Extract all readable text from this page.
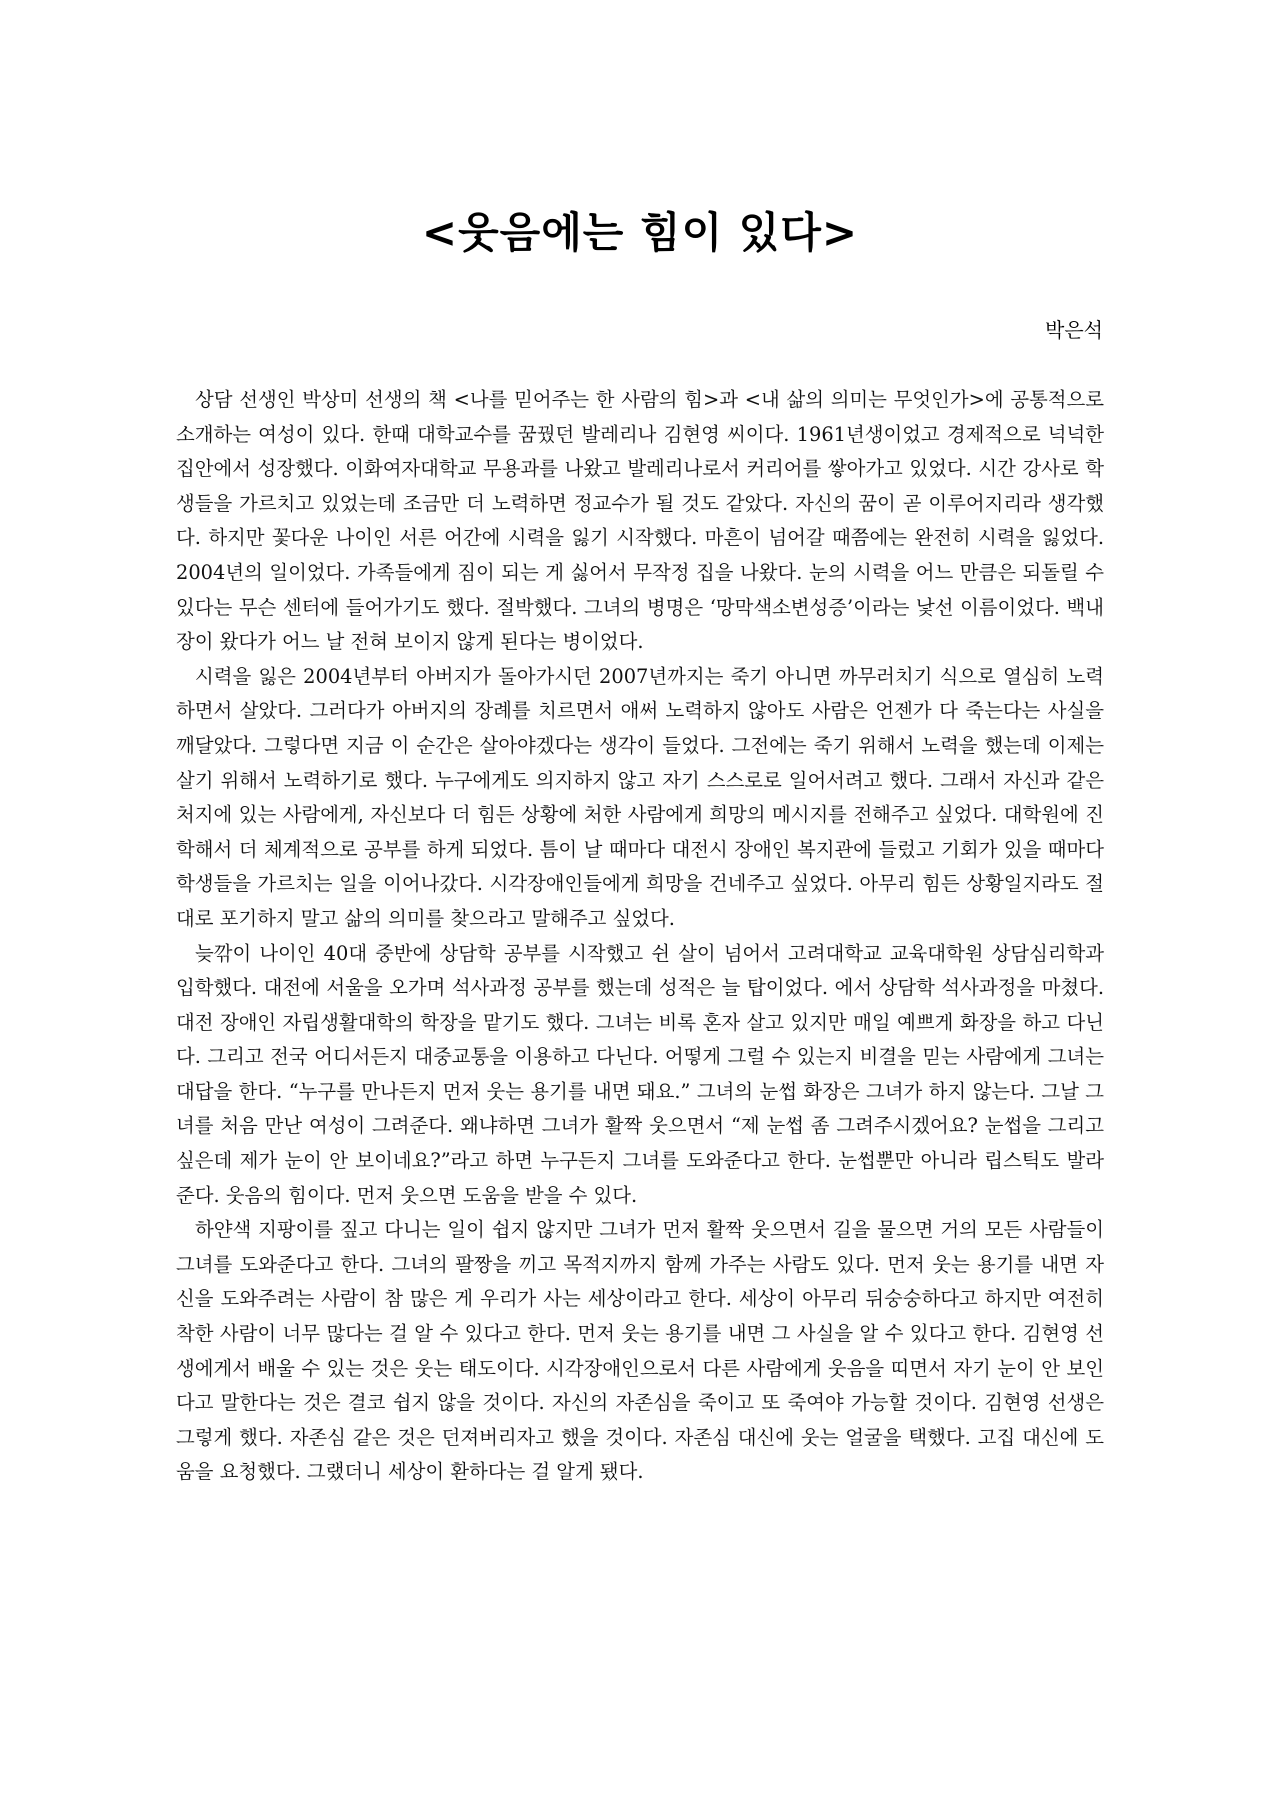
<웃음에는 힘이 있다>

박은석

상담 선생인 박상미 선생의 책 <나를 믿어주는 한 사람의 힘>과 <내 삶의 의미는 무엇인가>에 공통적으로 소개하는 여성이 있다. 한때 대학교수를 꿈꿨던 발레리나 김현영 씨이다. 1961년생이었고 경제적으로 넉넉한 집안에서 성장했다. 이화여자대학교 무용과를 나왔고 발레리나로서 커리어를 쌓아가고 있었다. 시간 강사로 학생들을 가르치고 있었는데 조금만 더 노력하면 정교수가 될 것도 같았다. 자신의 꿈이 곧 이루어지리라 생각했다. 하지만 꽃다운 나이인 서른 어간에 시력을 잃기 시작했다. 마흔이 넘어갈 때쯤에는 완전히 시력을 잃었다. 2004년의 일이었다. 가족들에게 짐이 되는 게 싫어서 무작정 집을 나왔다. 눈의 시력을 어느 만큼은 되돌릴 수 있다는 무슨 센터에 들어가기도 했다. 절박했다. 그녀의 병명은 ‘망막색소변성증’이라는 낯선 이름이었다. 백내장이 왔다가 어느 날 전혀 보이지 않게 된다는 병이었다.

시력을 잃은 2004년부터 아버지가 돌아가시던 2007년까지는 죽기 아니면 까무러치기 식으로 열심히 노력하면서 살았다. 그러다가 아버지의 장례를 치르면서 애써 노력하지 않아도 사람은 언젠가 다 죽는다는 사실을 깨달았다. 그렇다면 지금 이 순간은 살아야겠다는 생각이 들었다. 그전에는 죽기 위해서 노력을 했는데 이제는 살기 위해서 노력하기로 했다. 누구에게도 의지하지 않고 자기 스스로로 일어서려고 했다. 그래서 자신과 같은 처지에 있는 사람에게, 자신보다 더 힘든 상황에 처한 사람에게 희망의 메시지를 전해주고 싶었다. 대학원에 진학해서 더 체계적으로 공부를 하게 되었다. 틈이 날 때마다 대전시 장애인 복지관에 들렀고 기회가 있을 때마다 학생들을 가르치는 일을 이어나갔다. 시각장애인들에게 희망을 건네주고 싶었다. 아무리 힘든 상황일지라도 절대로 포기하지 말고 삶의 의미를 찾으라고 말해주고 싶었다.

늦깎이 나이인 40대 중반에 상담학 공부를 시작했고 쉰 살이 넘어서 고려대학교 교육대학원 상담심리학과 입학했다. 대전에 서울을 오가며 석사과정 공부를 했는데 성적은 늘 탑이었다. 에서 상담학 석사과정을 마쳤다. 대전 장애인 자립생활대학의 학장을 맡기도 했다. 그녀는 비록 혼자 살고 있지만 매일 예쁘게 화장을 하고 다닌다. 그리고 전국 어디서든지 대중교통을 이용하고 다닌다. 어떻게 그럴 수 있는지 비결을 믿는 사람에게 그녀는 대답을 한다. “누구를 만나든지 먼저 웃는 용기를 내면 돼요.” 그녀의 눈썹 화장은 그녀가 하지 않는다. 그날 그녀를 처음 만난 여성이 그려준다. 왜냐하면 그녀가 활짝 웃으면서 “제 눈썹 좀 그려주시겠어요? 눈썹을 그리고 싶은데 제가 눈이 안 보이네요?”라고 하면 누구든지 그녀를 도와준다고 한다. 눈썹뿐만 아니라 립스틱도 발라준다. 웃음의 힘이다. 먼저 웃으면 도움을 받을 수 있다.

하얀색 지팡이를 짚고 다니는 일이 쉽지 않지만 그녀가 먼저 활짝 웃으면서 길을 물으면 거의 모든 사람들이 그녀를 도와준다고 한다. 그녀의 팔짱을 끼고 목적지까지 함께 가주는 사람도 있다. 먼저 웃는 용기를 내면 자신을 도와주려는 사람이 참 많은 게 우리가 사는 세상이라고 한다. 세상이 아무리 뒤숭숭하다고 하지만 여전히 착한 사람이 너무 많다는 걸 알 수 있다고 한다. 먼저 웃는 용기를 내면 그 사실을 알 수 있다고 한다. 김현영 선생에게서 배울 수 있는 것은 웃는 태도이다. 시각장애인으로서 다른 사람에게 웃음을 띠면서 자기 눈이 안 보인다고 말한다는 것은 결코 쉽지 않을 것이다. 자신의 자존심을 죽이고 또 죽여야 가능할 것이다. 김현영 선생은 그렇게 했다. 자존심 같은 것은 던져버리자고 했을 것이다. 자존심 대신에 웃는 얼굴을 택했다. 고집 대신에 도움을 요청했다. 그랬더니 세상이 환하다는 걸 알게 됐다.
